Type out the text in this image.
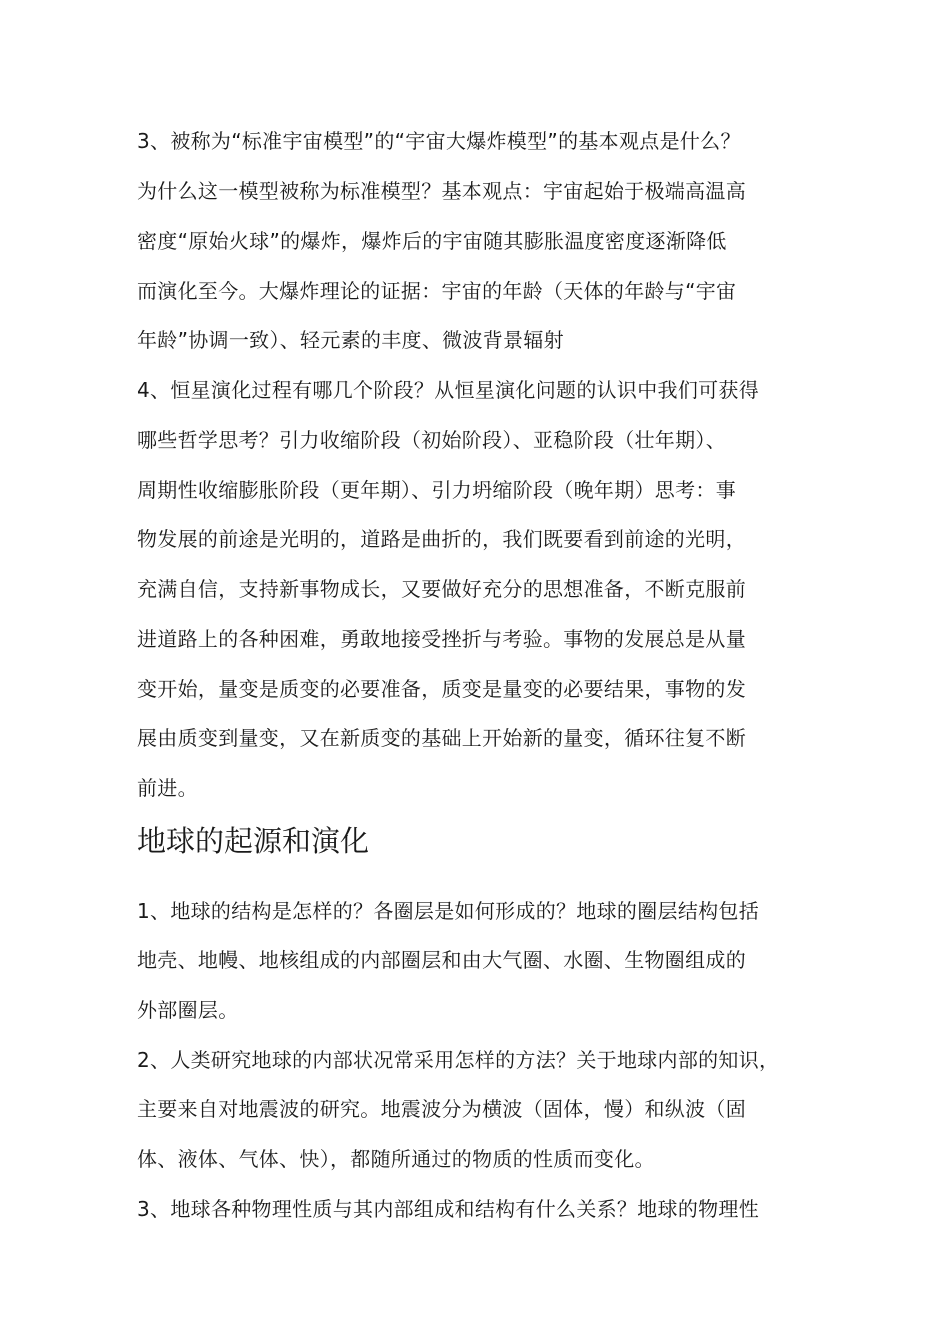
3、被称为“标准宇宙模型”的“宇宙大爆炸模型”的基本观点是什么？
为什么这一模型被称为标准模型？基本观点：宇宙起始于极端高温高
密度“原始火球”的爆炸，爆炸后的宇宙随其膨胀温度密度逐渐降低
而演化至今。大爆炸理论的证据：宇宙的年龄（天体的年龄与“宇宙
年龄”协调一致）、轻元素的丰度、微波背景辐射
4、恒星演化过程有哪几个阶段？从恒星演化问题的认识中我们可获得
哪些哲学思考？引力收缩阶段（初始阶段）、亚稳阶段（壮年期）、
周期性收缩膨胀阶段（更年期）、引力坍缩阶段（晚年期）思考：事
物发展的前途是光明的，道路是曲折的，我们既要看到前途的光明，
充满自信，支持新事物成长，又要做好充分的思想准备，不断克服前
进道路上的各种困难，勇敢地接受挫折与考验。事物的发展总是从量
变开始，量变是质变的必要准备，质变是量变的必要结果，事物的发
展由质变到量变，又在新质变的基础上开始新的量变，循环往复不断
前进。
地球的起源和演化
1、地球的结构是怎样的？各圈层是如何形成的？地球的圈层结构包括
地壳、地幔、地核组成的内部圈层和由大气圈、水圈、生物圈组成的
外部圈层。
2、人类研究地球的内部状况常采用怎样的方法？关于地球内部的知识，
主要来自对地震波的研究。地震波分为横波（固体，慢）和纵波（固
体、液体、气体、快），都随所通过的物质的性质而变化。
3、地球各种物理性质与其内部组成和结构有什么关系？地球的物理性
